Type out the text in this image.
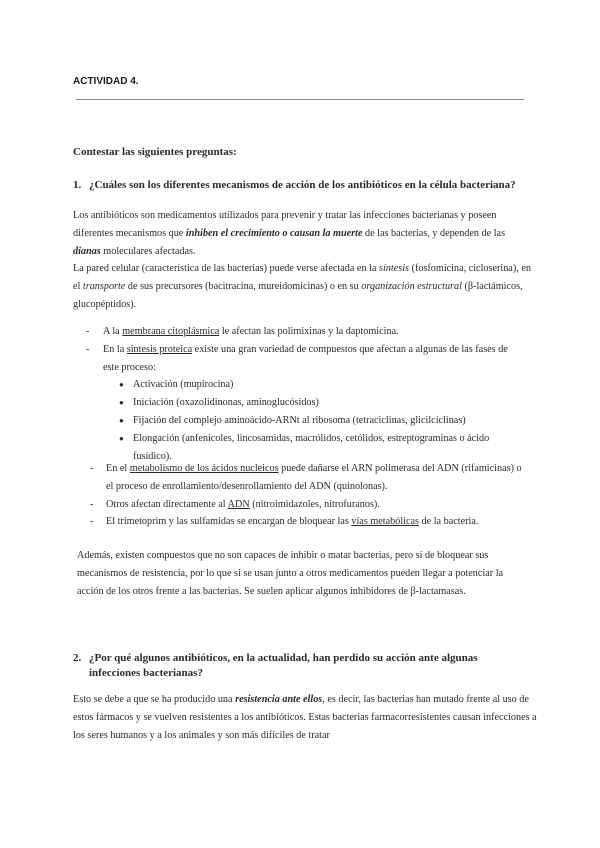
ACTIVIDAD 4.

Contestar las siguientes preguntas:

1. ¿Cuáles son los diferentes mecanismos de acción de los antibióticos en la célula bacteriana?

Los antibióticos son medicamentos utilizados para prevenir y tratar las infecciones bacterianas y poseen diferentes mecanismos que inhiben el crecimiento o causan la muerte de las bacterias, y dependen de las dianas moleculares afectadas.
La pared celular (característica de las bacterias) puede verse afectada en la síntesis (fosfomicina, cicloserina), en el transporte de sus precursores (bacitracina, mureidomicinas) o en su organización estructural (β-lactámicos, glucopéptidos).

- A la membrana citoplásmica le afectan las polimixinas y la daptomicina.
- En la síntesis proteica existe una gran variedad de compuestos que afectan a algunas de las fases de este proceso:
● Activación (mupirocina)
● Iniciación (oxazolidinonas, aminoglucósidos)
● Fijación del complejo aminoácido-ARNt al ribosoma (tetraciclinas, glicilciclinas)
● Elongación (anfenicoles, lincosamidas, macrólidos, cetólidos, estreptograminas o ácido fusídico).
- En el metabolismo de los ácidos nucleicos puede dañarse el ARN polimerasa del ADN (rifamicinas) o el proceso de enrollamiento/desenrollamiento del ADN (quinolonas).
- Otros afectan directamente al ADN (nitroimidazoles, nitrofuranos).
- El trimetoprim y las sulfamidas se encargan de bloquear las vías metabólicas de la bacteria.

Además, existen compuestos que no son capaces de inhibir o matar bacterias, pero sí de bloquear sus mecanismos de resistencia, por lo que si se usan junto a otros medicamentos pueden llegar a potenciar la acción de los otros frente a las bacterias. Se suelen aplicar algunos inhibidores de β-lactamasas.

2. ¿Por qué algunos antibióticos, en la actualidad, han perdido su acción ante algunas infecciones bacterianas?

Esto se debe a que se ha producido una resistencia ante ellos, es decir, las bacterias han mutado frente al uso de estos fármacos y se vuelven resistentes a los antibióticos. Estas bacterias farmacorresistentes causan infecciones a los seres humanos y a los animales y son más difíciles de tratar
